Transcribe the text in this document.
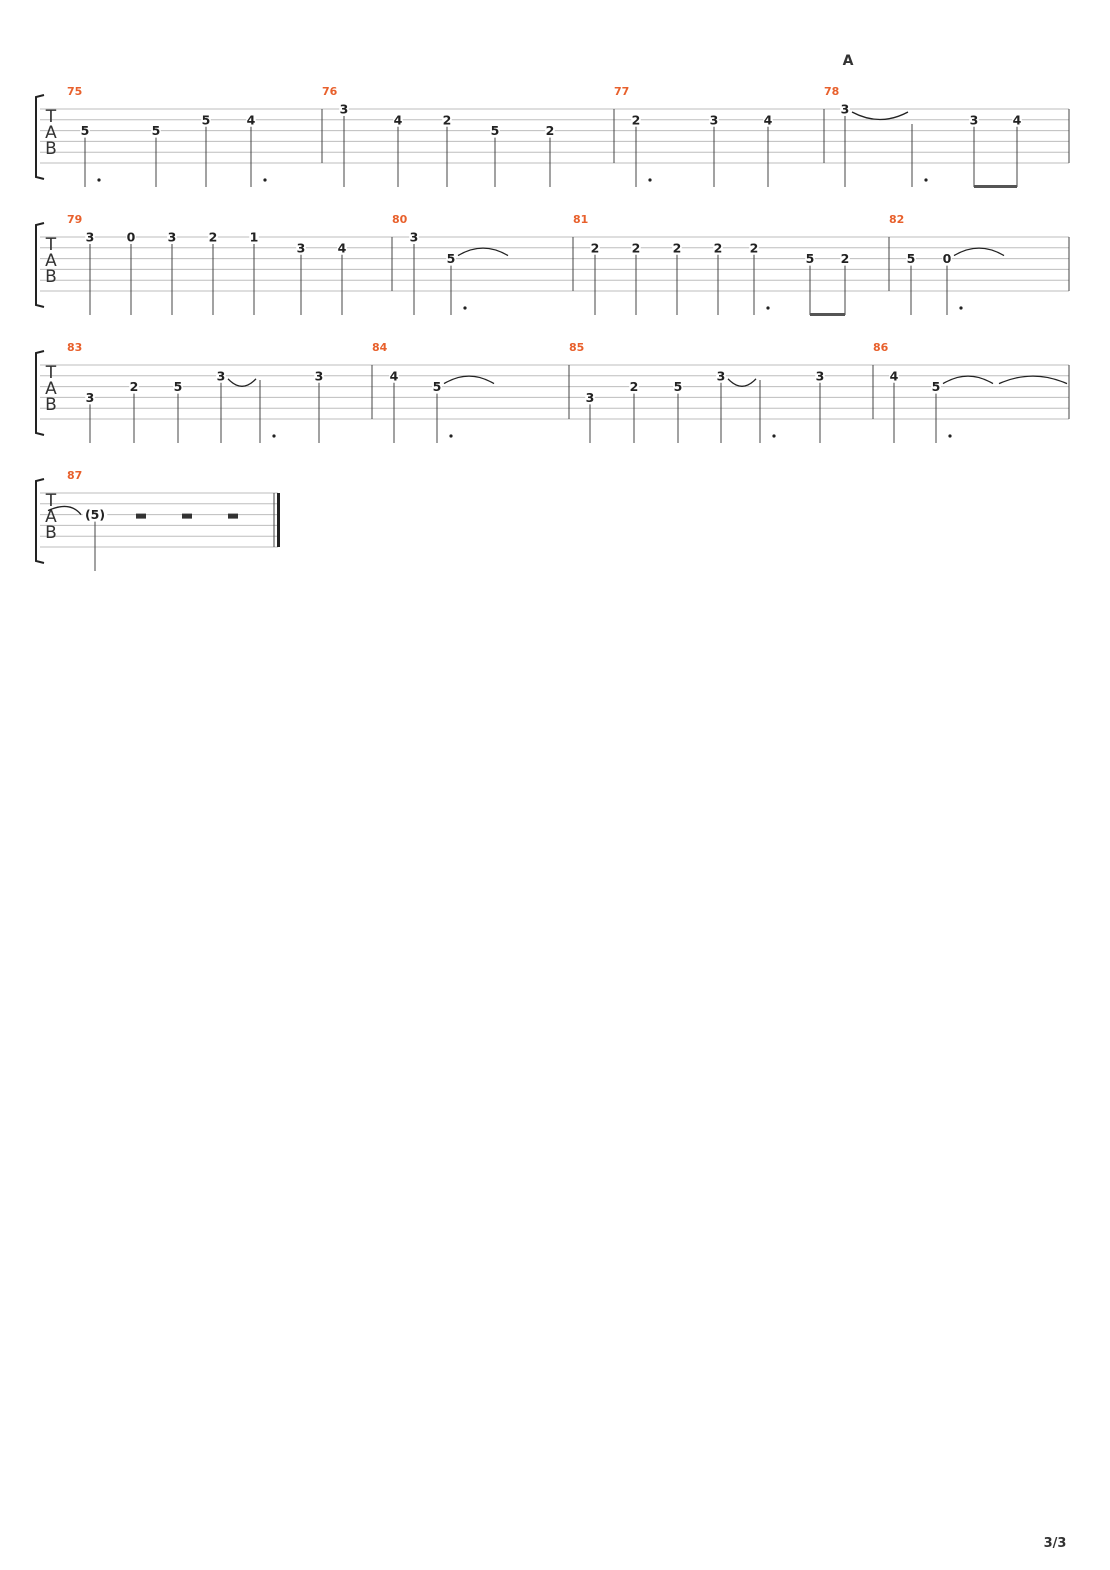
A
T
A
B
75
5	5
5	4
76
3
4	2
5	2
77
2	3	4
78
3
3	4
T
A
B
79
3	0	3	2	1
3	4
80
3
5
81
2	2	2	2 2
5 2
82
5 0
T
A
B
83
3
2	5
3	3
84
4
5
85
3
2	5
3	3
86
4
5
T
A
B
87
(5)
3/3
